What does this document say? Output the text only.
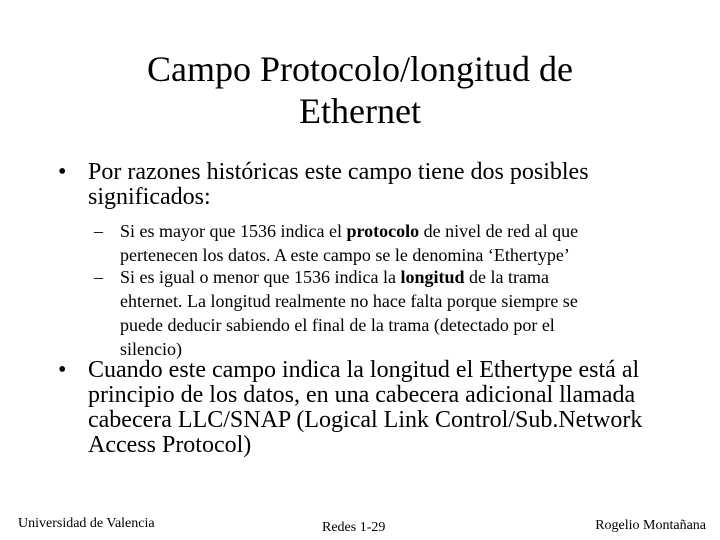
Campo Protocolo/longitud de
Ethernet
• Por razones históricas este campo tiene dos posibles
significados:
– Si es mayor que 1536 indica el protocolo de nivel de red al que
pertenecen los datos. A este campo se le denomina ‘Ethertype’
– Si es igual o menor que 1536 indica la longitud de la trama
ehternet. La longitud realmente no hace falta porque siempre se
puede deducir sabiendo el final de la trama (detectado por el
silencio)
• Cuando este campo indica la longitud el Ethertype está al
principio de los datos, en una cabecera adicional llamada
cabecera LLC/SNAP (Logical Link Control/Sub.Network
Access Protocol)
Universidad de Valencia	Redes 1-29	Rogelio Montañana
